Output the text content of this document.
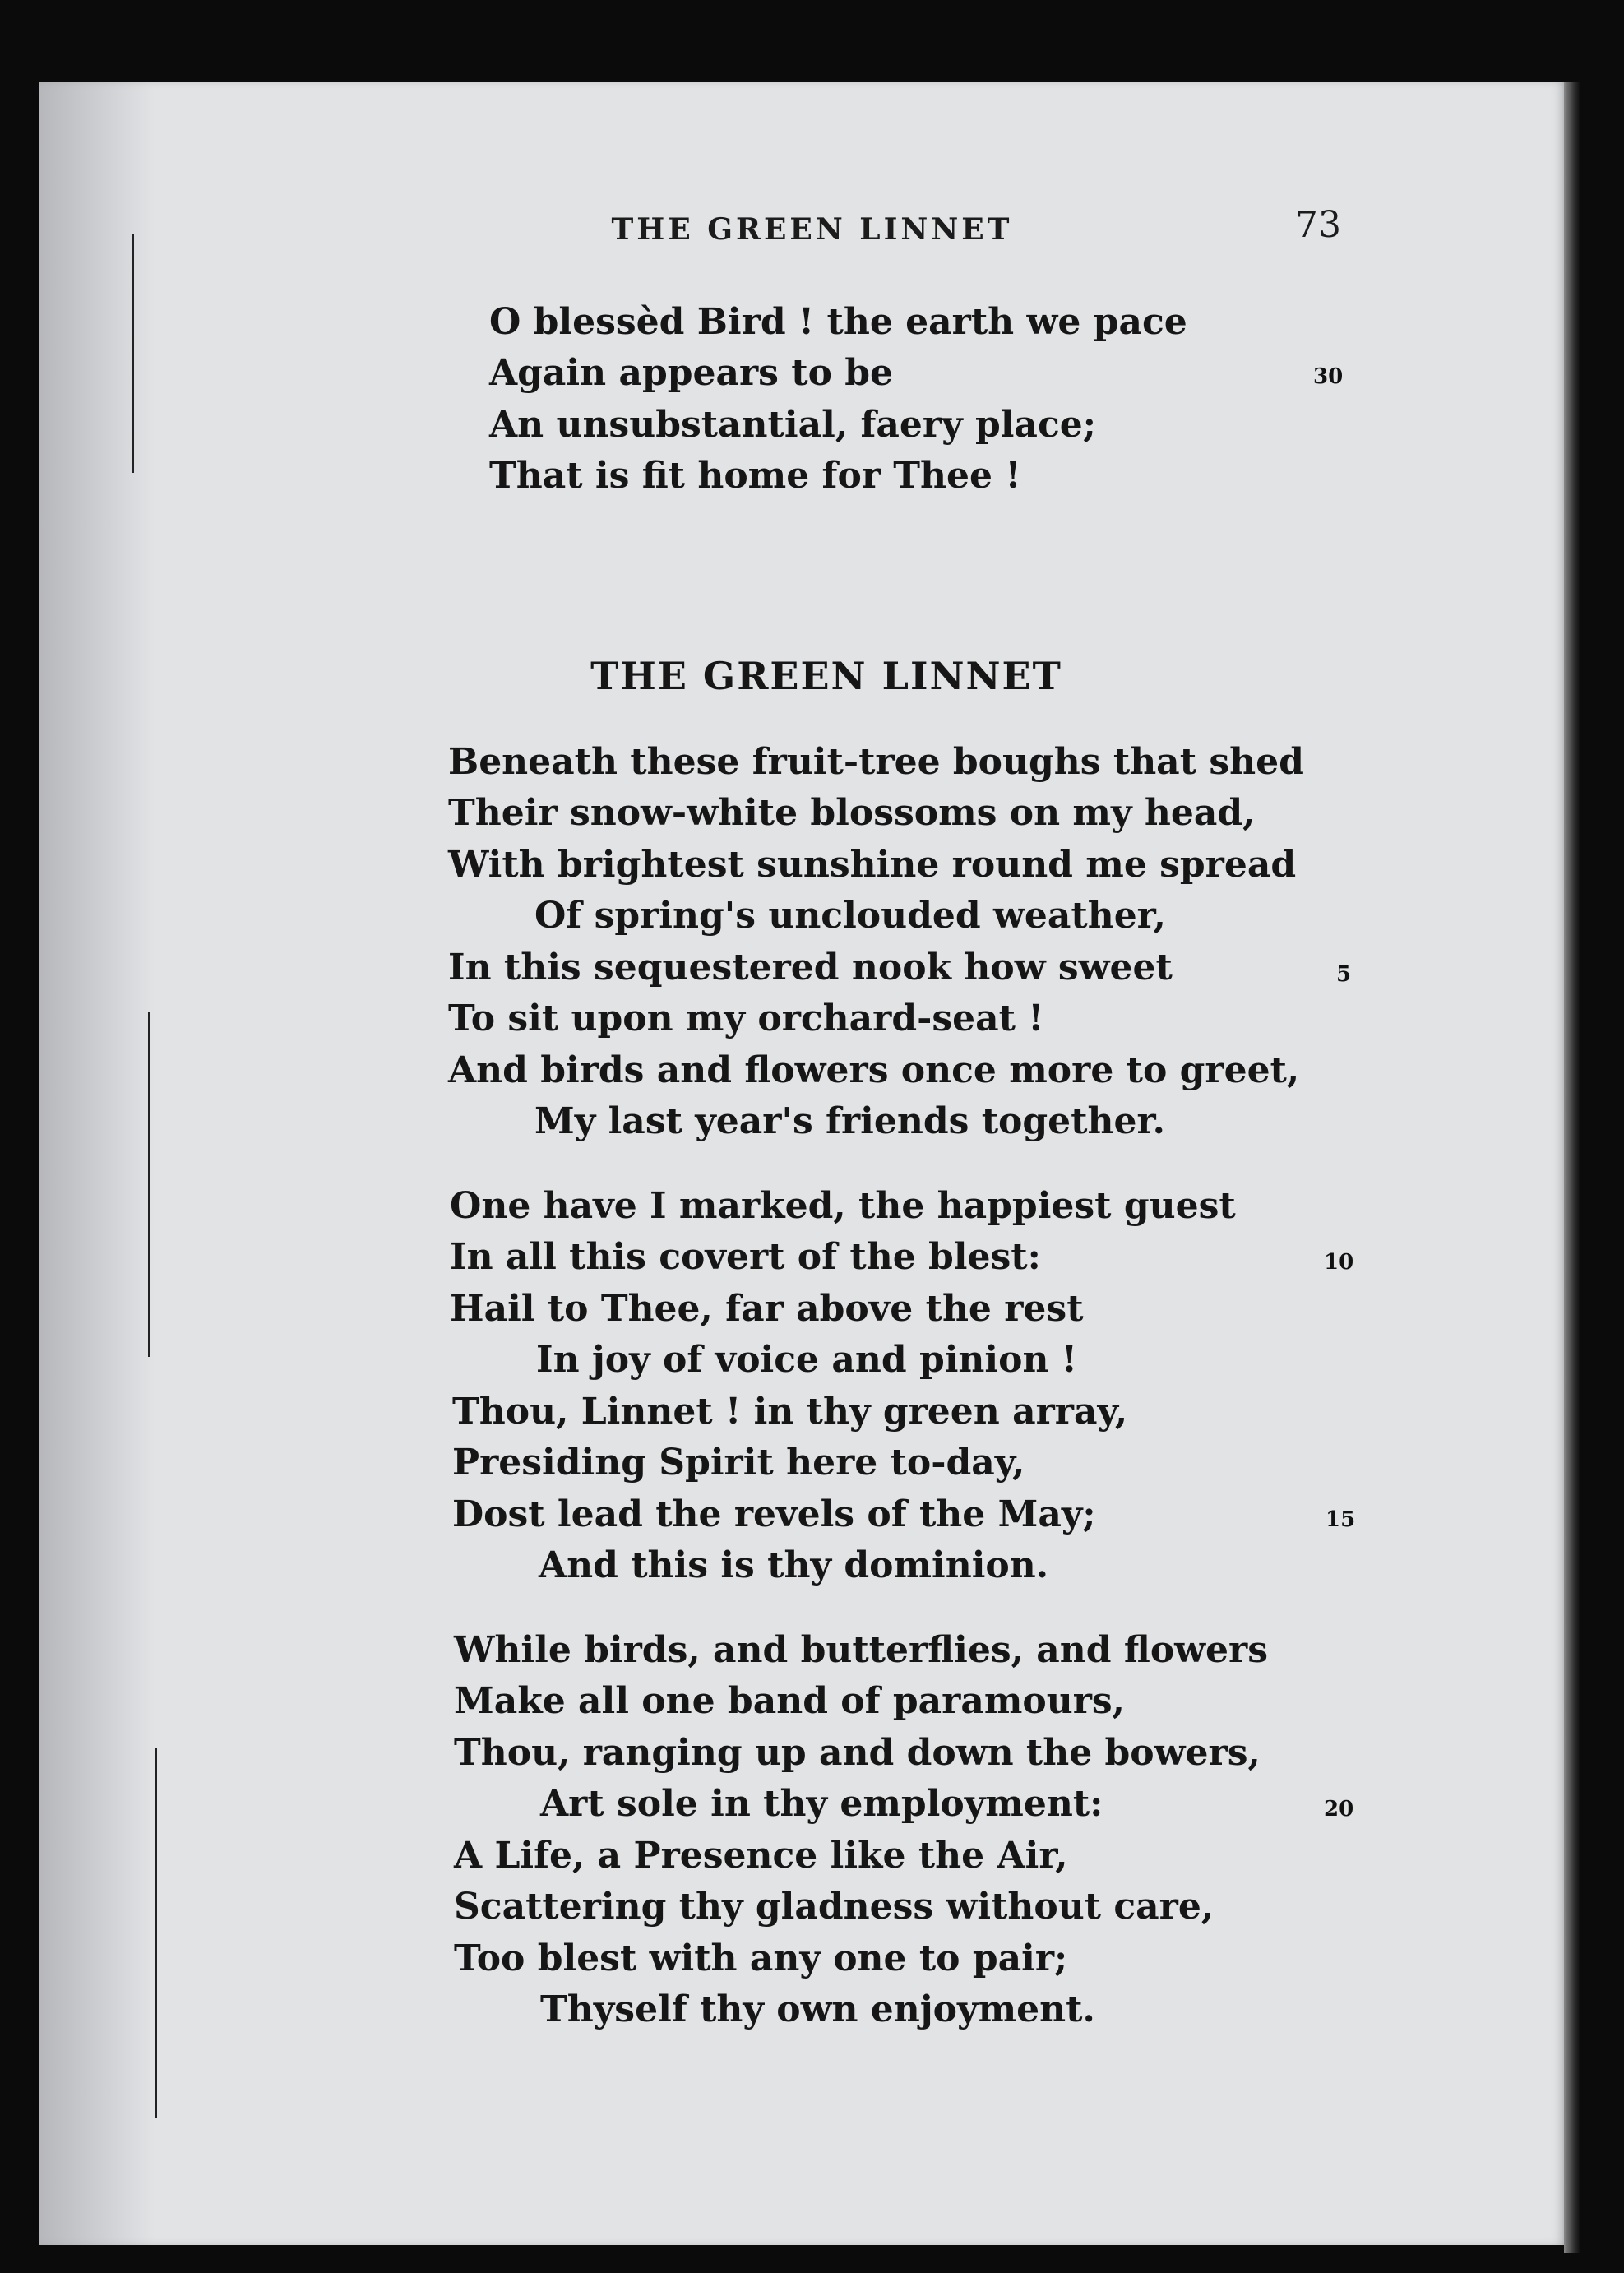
THE GREEN LINNET	73
O blessèd Bird ! the earth we pace
Again appears to be	30
An unsubstantial, faery place;
That is fit home for Thee !
THE GREEN LINNET
Beneath these fruit-tree boughs that shed
Their snow-white blossoms on my head,
With brightest sunshine round me spread
Of spring's unclouded weather,
In this sequestered nook how sweet	5
To sit upon my orchard-seat !
And birds and flowers once more to greet,
My last year's friends together.
One have I marked, the happiest guest
In all this covert of the blest:	10
Hail to Thee, far above the rest
In joy of voice and pinion !
Thou, Linnet ! in thy green array,
Presiding Spirit here to-day,
Dost lead the revels of the May;	15
And this is thy dominion.
While birds, and butterflies, and flowers
Make all one band of paramours,
Thou, ranging up and down the bowers,
Art sole in thy employment:	20
A Life, a Presence like the Air,
Scattering thy gladness without care,
Too blest with any one to pair;
Thyself thy own enjoyment.
